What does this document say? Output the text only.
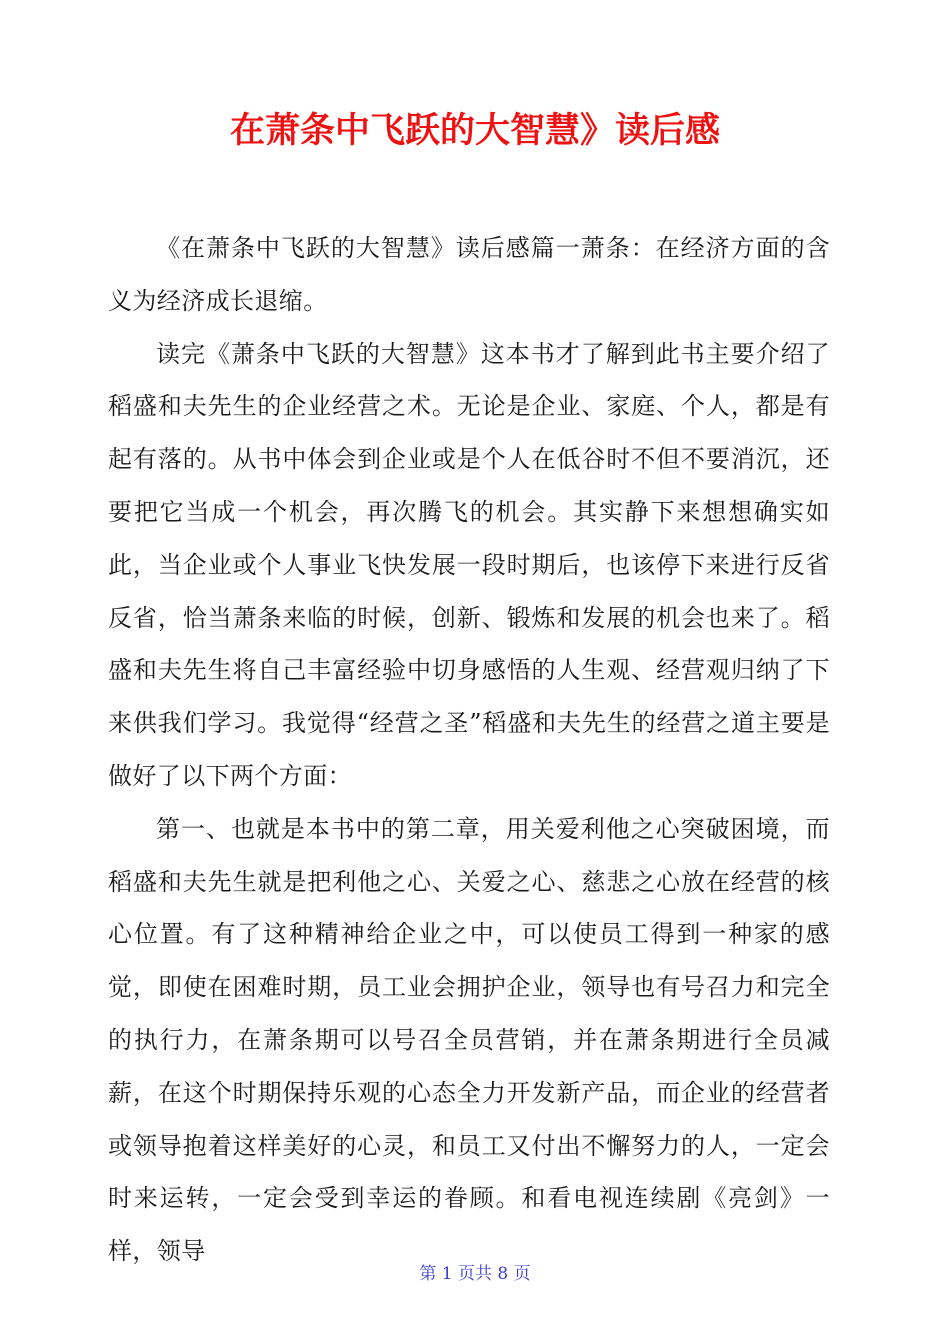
在萧条中飞跃的大智慧》读后感

《在萧条中飞跃的大智慧》读后感篇一萧条：在经济方面的含义为经济成长退缩。

读完《萧条中飞跃的大智慧》这本书才了解到此书主要介绍了稻盛和夫先生的企业经营之术。无论是企业、家庭、个人，都是有起有落的。从书中体会到企业或是个人在低谷时不但不要消沉，还要把它当成一个机会，再次腾飞的机会。其实静下来想想确实如此，当企业或个人事业飞快发展一段时期后，也该停下来进行反省反省，恰当萧条来临的时候，创新、锻炼和发展的机会也来了。稻盛和夫先生将自己丰富经验中切身感悟的人生观、经营观归纳了下来供我们学习。我觉得“经营之圣”稻盛和夫先生的经营之道主要是做好了以下两个方面：

第一、也就是本书中的第二章，用关爱利他之心突破困境，而稻盛和夫先生就是把利他之心、关爱之心、慈悲之心放在经营的核心位置。有了这种精神给企业之中，可以使员工得到一种家的感觉，即使在困难时期，员工业会拥护企业，领导也有号召力和完全的执行力，在萧条期可以号召全员营销，并在萧条期进行全员减薪，在这个时期保持乐观的心态全力开发新产品，而企业的经营者或领导抱着这样美好的心灵，和员工又付出不懈努力的人，一定会时来运转，一定会受到幸运的眷顾。和看电视连续剧《亮剑》一样，领导

第 1 页共 8 页
